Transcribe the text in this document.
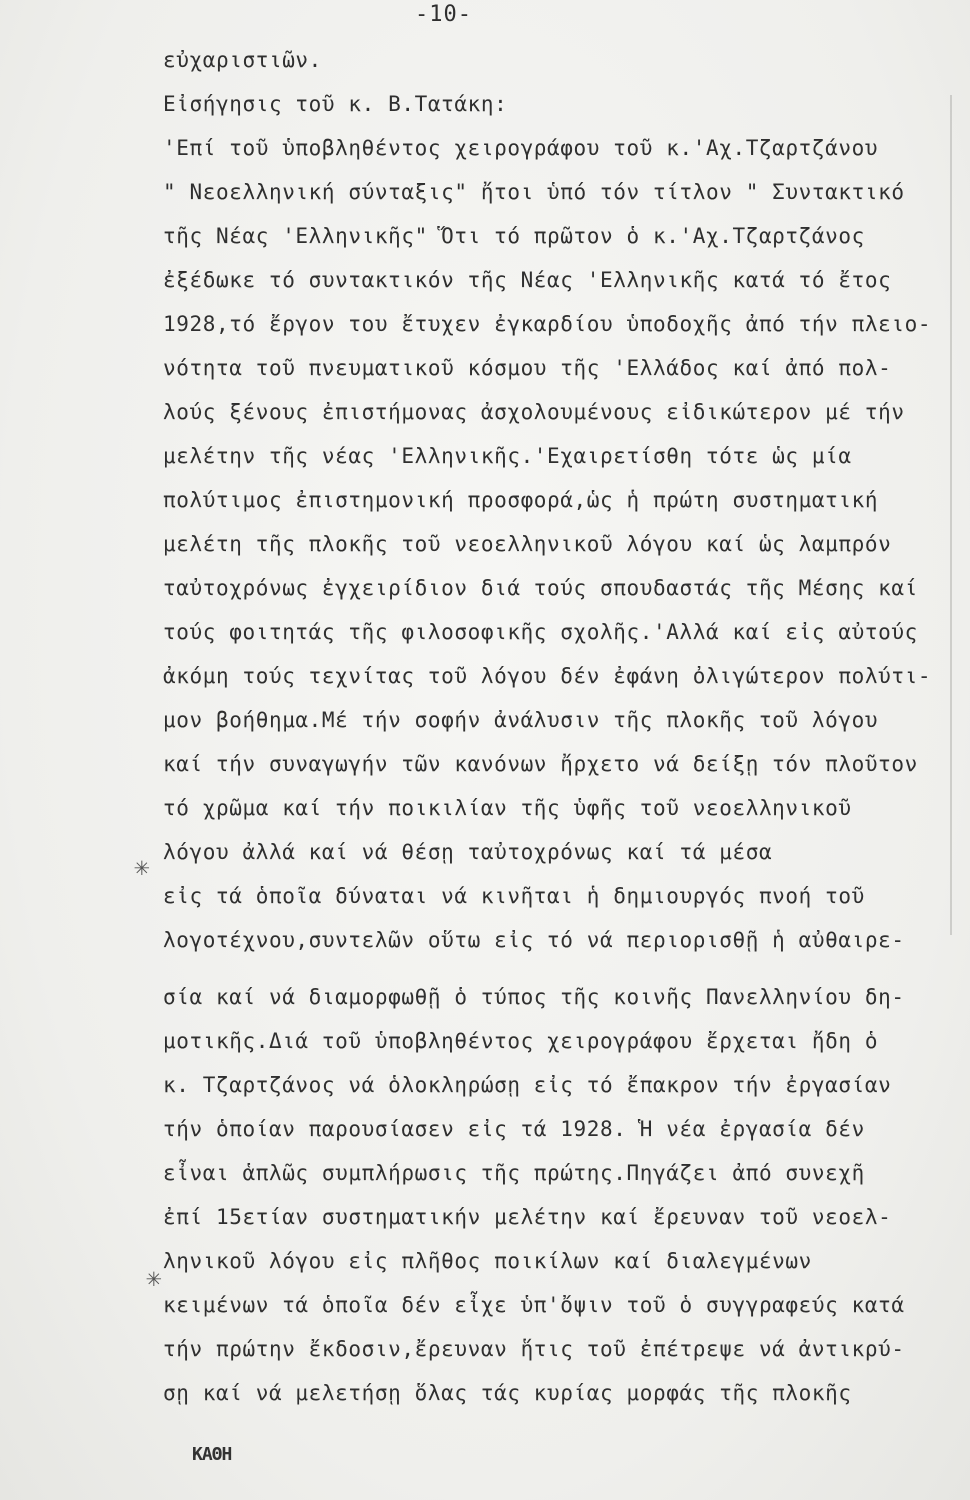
-10-
εὐχαριστιῶν.
Εἰσήγησις τοῦ κ. Β.Τατάκη:
'Επί τοῦ ὑποβληθέντος χειρογράφου τοῦ κ.'Αχ.Τζαρτζάνου
" Νεοελληνική σύνταξις" ἤτοι ὑπό τόν τίτλον " Συντακτικό
τῆς Νέας 'Ελληνικῆς" Ὅτι τό πρῶτον ὁ κ.'Αχ.Τζαρτζάνος
ἐξέδωκε τό συντακτικόν τῆς Νέας 'Ελληνικῆς κατά τό ἔτος
1928,τό ἔργον του ἔτυχεν ἐγκαρδίου ὑποδοχῆς ἀπό τήν πλειο-
νότητα τοῦ πνευματικοῦ κόσμου τῆς 'Ελλάδος καί ἀπό πολ-
λούς ξένους ἐπιστήμονας ἀσχολουμένους εἰδικώτερον μέ τήν
μελέτην τῆς νέας 'Ελληνικῆς.'Εχαιρετίσθη τότε ὡς μία
πολύτιμος ἐπιστημονική προσφορά,ὡς ἡ πρώτη συστηματική
μελέτη τῆς πλοκῆς τοῦ νεοελληνικοῦ λόγου καί ὡς λαμπρόν
ταὐτοχρόνως ἐγχειρίδιον διά τούς σπουδαστάς τῆς Μέσης καί
τούς φοιτητάς τῆς φιλοσοφικῆς σχολῆς.'Αλλά καί εἰς αὐτούς
ἀκόμη τούς τεχνίτας τοῦ λόγου δέν ἐφάνη ὀλιγώτερον πολύτι-
μον βοήθημα.Μέ τήν σοφήν ἀνάλυσιν τῆς πλοκῆς τοῦ λόγου
καί τήν συναγωγήν τῶν κανόνων ἤρχετο νά δείξῃ τόν πλοῦτον
τό χρῶμα καί τήν ποικιλίαν τῆς ὑφῆς τοῦ νεοελληνικοῦ
λόγου ἀλλά καί νά θέσῃ ταὐτοχρόνως καί τά μέσα
εἰς τά ὁποῖα δύναται νά κινῆται ἡ δημιουργός πνοή τοῦ
λογοτέχνου,συντελῶν οὕτω εἰς τό νά περιορισθῇ ἡ αὐθαιρε-
σία καί νά διαμορφωθῇ ὁ τύπος τῆς κοινῆς Πανελληνίου δη-
μοτικῆς.Διά τοῦ ὑποβληθέντος χειρογράφου ἔρχεται ἤδη ὁ
κ. Τζαρτζάνος νά ὁλοκληρώσῃ εἰς τό ἔπακρον τήν ἐργασίαν
τήν ὁποίαν παρουσίασεν εἰς τά 1928. Ἡ νέα ἐργασία δέν
εἶναι ἁπλῶς συμπλήρωσις τῆς πρώτης.Πηγάζει ἀπό συνεχῆ
ἐπί 15ετίαν συστηματικήν μελέτην καί ἔρευναν τοῦ νεοελ-
ληνικοῦ λόγου εἰς πλῆθος ποικίλων καί διαλεγμένων
κειμένων τά ὁποῖα δέν εἶχε ὑπ'ὄψιν τοῦ ὁ συγγραφεύς κατά
τήν πρώτην ἔκδοσιν,ἔρευναν ἥτις τοῦ ἐπέτρεψε νά ἀντικρύ-
σῃ καί νά μελετήσῃ ὅλας τάς κυρίας μορφάς τῆς πλοκῆς
✳
✳
ΚΑΘΗ
